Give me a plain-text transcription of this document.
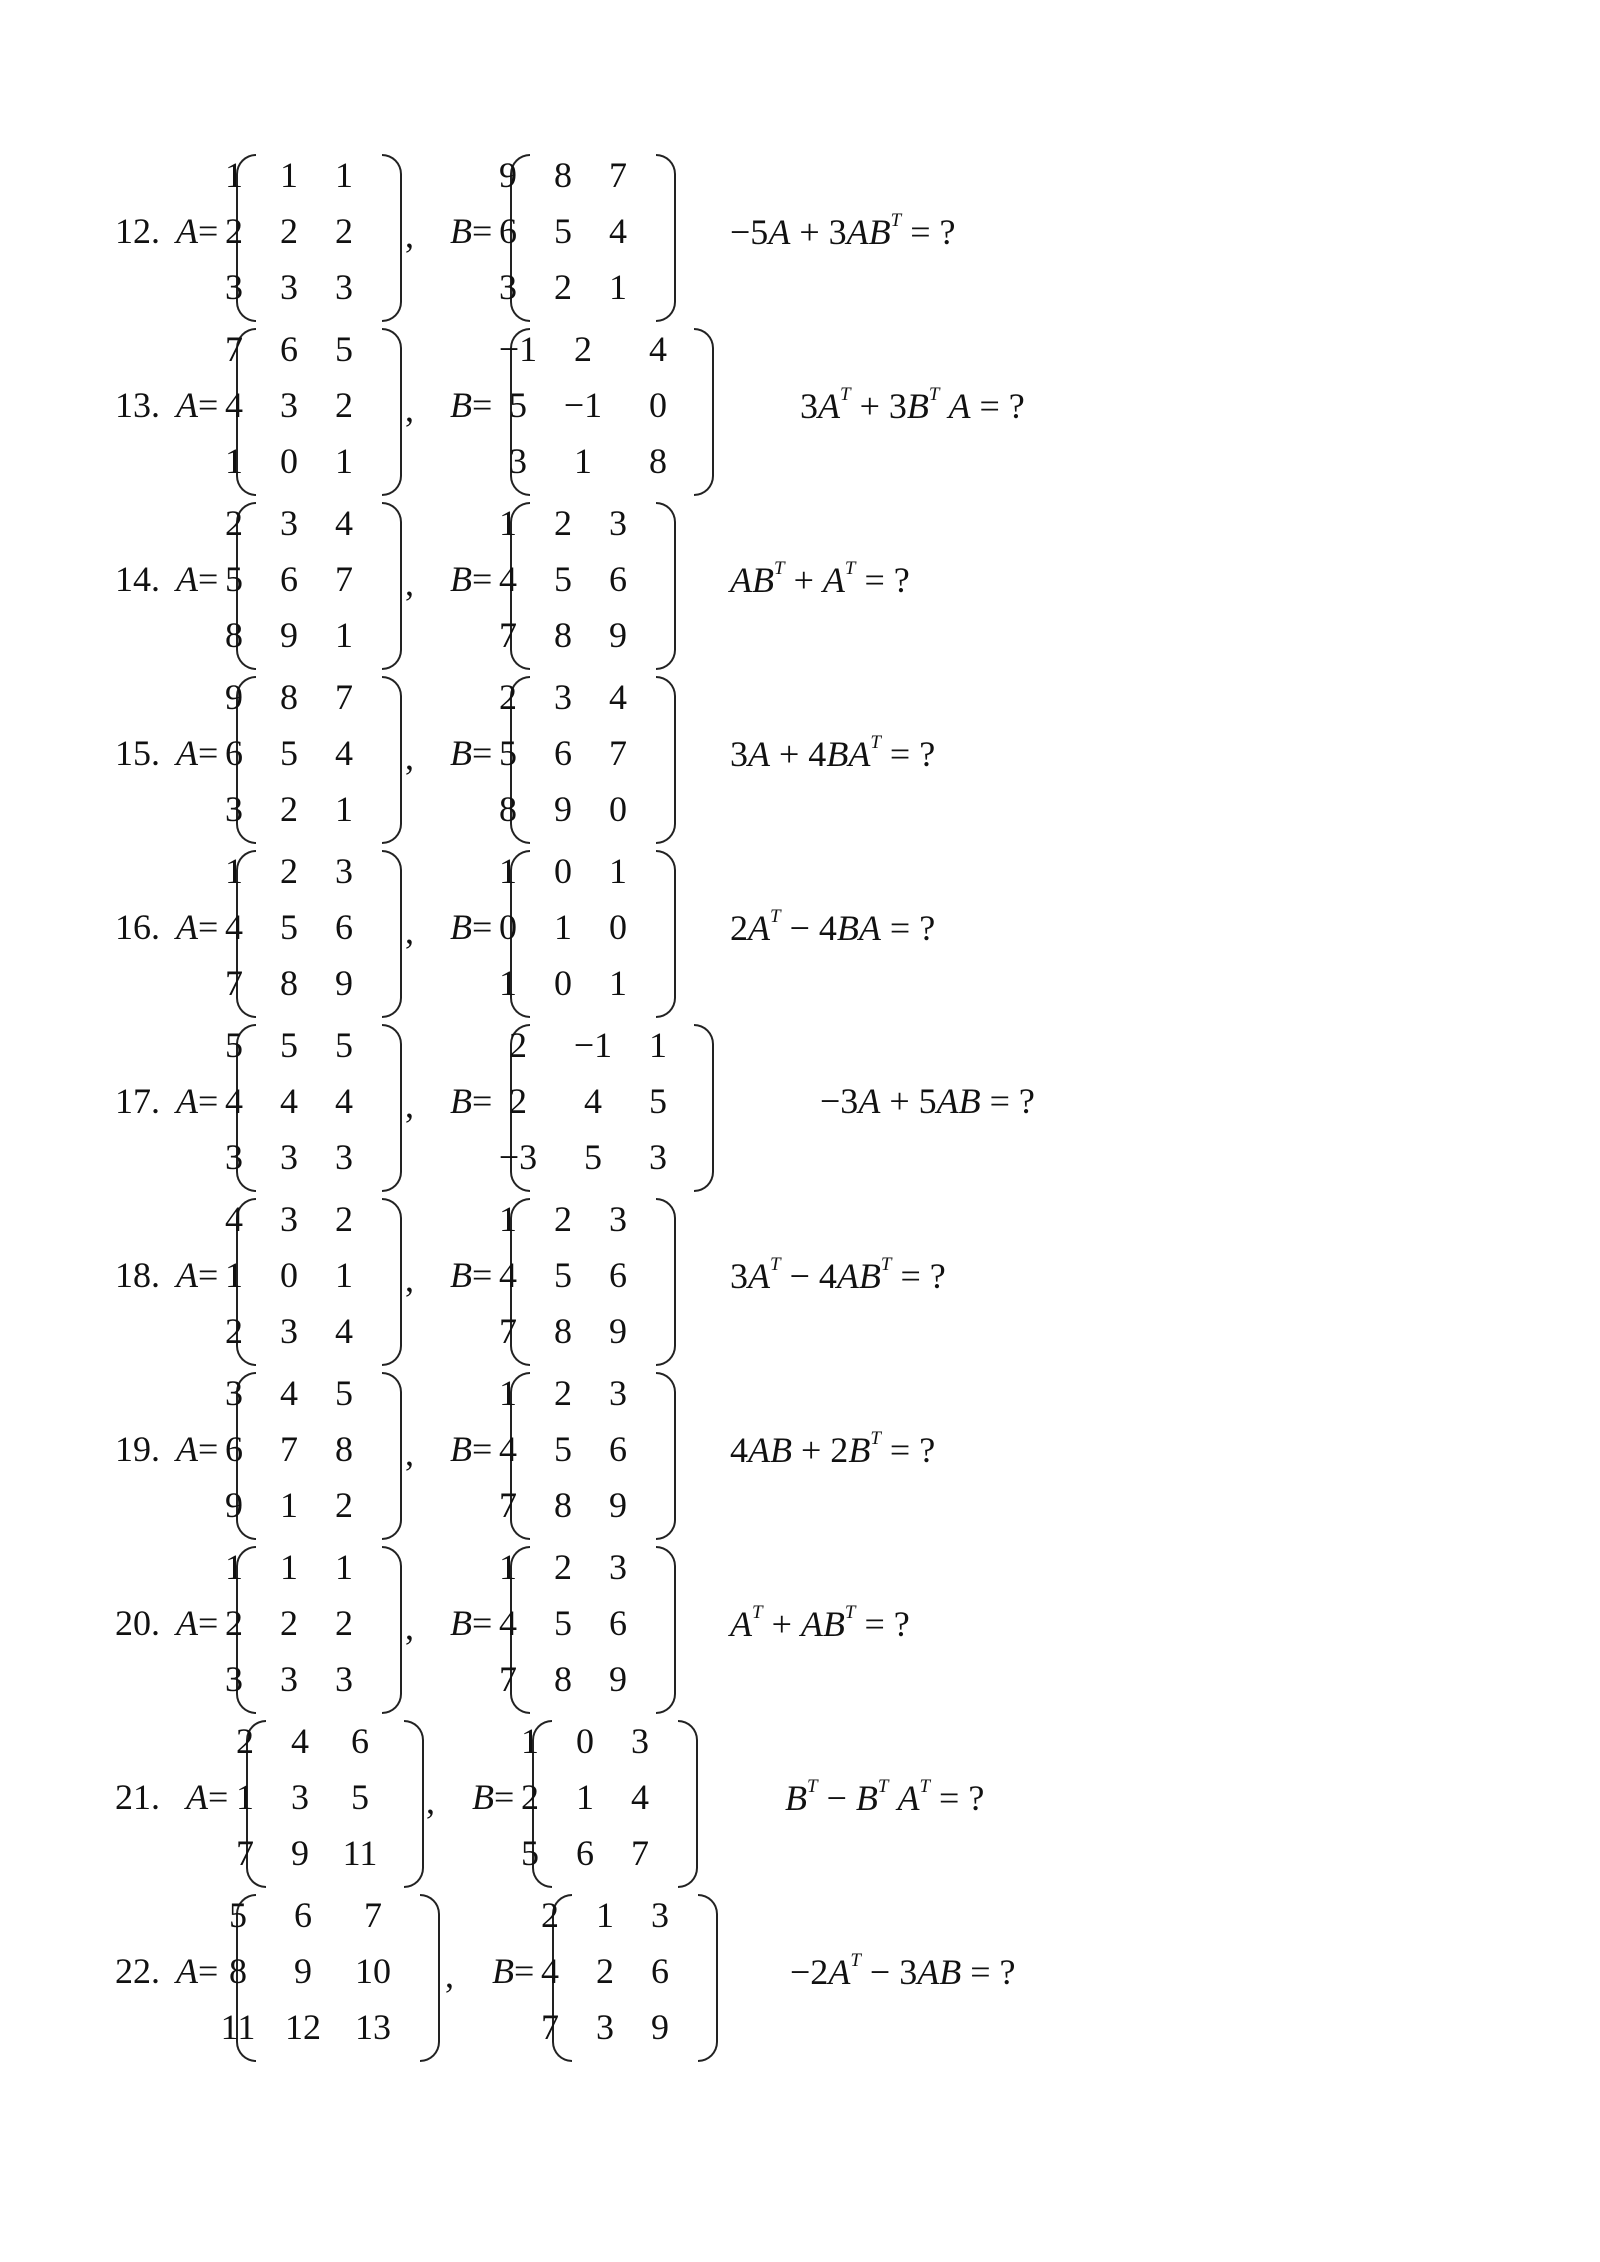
12. A=
1	1	1
2	2	2
3	3	3
, B=
9	8	7
6	5	4
3	2	1
$-5A + 3AB^T$ = ?
13. A=
7	6	5
4	3	2
1	0	1
, B=
−1	2	4
5	−1	0
3	1	8
$3A^T + 3B^T$ A = ?
14. A=
2	3	4
5	6	7
8	9	1
, B=
1	2	3
4	5	6
7	8	9
$AB^T + A^T$ = ?
15. A=
9	8	7
6	5	4
3	2	1
, B=
2	3	4
5	6	7
8	9	0
$3A + 4BA^T$ = ?
16. A=
1	2	3
4	5	6
7	8	9
, B=
1	0	1
0	1	0
1	0	1
$2A^T - 4BA$ = ?
17. A=
5	5	5
4	4	4
3	3	3
, B=
2	−1	1
2	4	5
−3	5	3
−3A + 5AB = ?
18. A=
4	3	2
1	0	1
2	3	4
, B=
1	2	3
4	5	6
7	8	9
$3A^T - 4AB^T$ = ?
19. A=
3	4	5
6	7	8
9	1	2
, B=
1	2	3
4	5	6
7	8	9
$4AB + 2B^T$ = ?
20. A=
1	1	1
2	2	2
3	3	3
, B=
1	2	3
4	5	6
7	8	9
$A^T + AB^T$ = ?
21. A=
2	4	6
1	3	5
7	9 11
, B=
1	0	3
2	1	4
5	6	7
$B^T - B^T$ $A^T$ = ?
22. A=
5	6	7
8	9	10
11 12 13
, B=
2	1	3
4	2	6
7	3	9
$-2A^T - 3AB$ = ?
